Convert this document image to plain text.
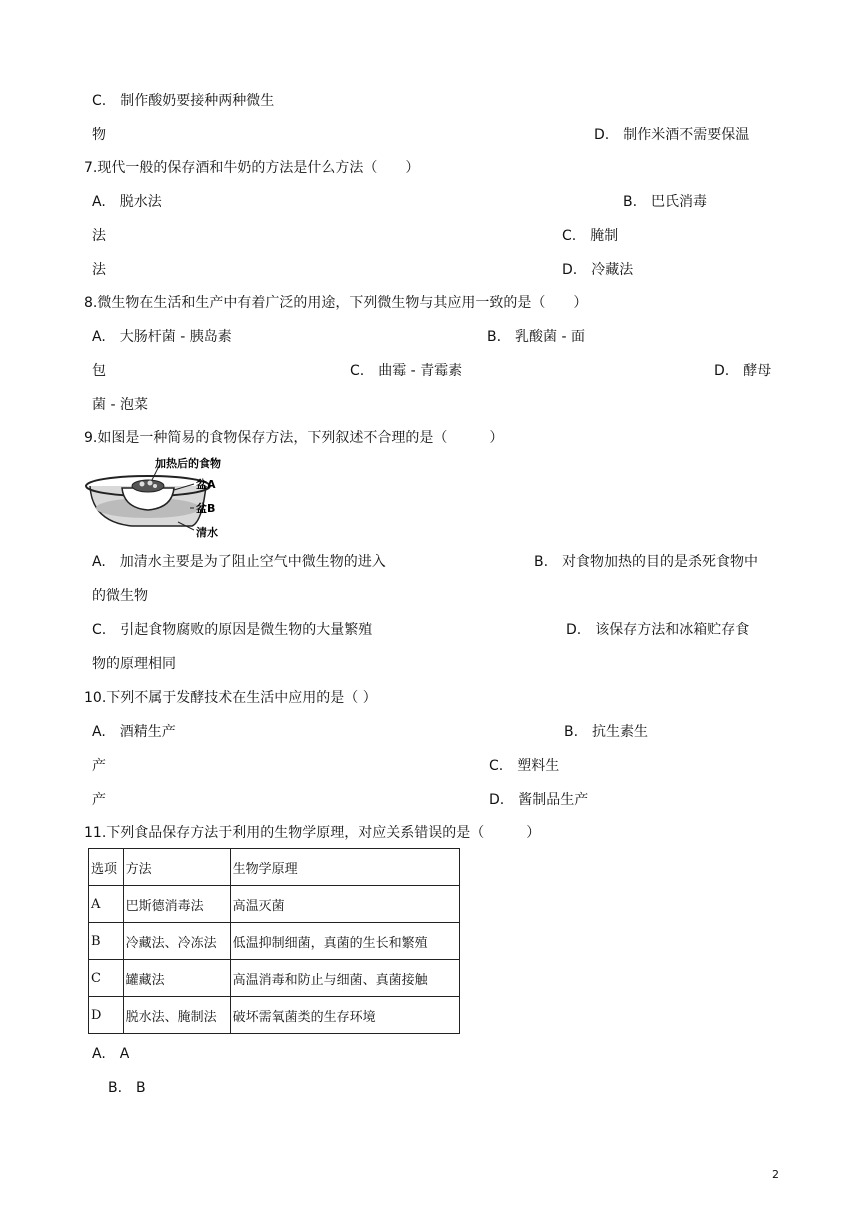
C.　制作酸奶要接种两种微生
物	D.　制作米酒不需要保温
7.现代一般的保存酒和牛奶的方法是什么方法（　　）
A.　脱水法	B.　巴氏消毒
法	C.　腌制
法	D.　冷藏法
8.微生物在生活和生产中有着广泛的用途，下列微生物与其应用一致的是（　　）
A.　大肠杆菌 - 胰岛素	B.　乳酸菌 - 面
包	C.　曲霉 - 青霉素	D.　酵母
菌 - 泡菜
9.如图是一种简易的食物保存方法，下列叙述不合理的是（　　　）
加热后的食物
盆A
盆B
清水
A.　加清水主要是为了阻止空气中微生物的进入	B.　对食物加热的目的是杀死食物中
的微生物
C.　引起食物腐败的原因是微生物的大量繁殖	D.　该保存方法和冰箱贮存食
物的原理相同
10.下列不属于发酵技术在生活中应用的是（ ）
A.　酒精生产	B.　抗生素生
产	C.　塑料生
产	D.　酱制品生产
11.下列食品保存方法于利用的生物学原理，对应关系错误的是（　　　）
选项	方法	生物学原理
A	巴斯德消毒法	高温灭菌
B	冷藏法、冷冻法	低温抑制细菌，真菌的生长和繁殖
C	罐藏法	高温消毒和防止与细菌、真菌接触
D	脱水法、腌制法	破坏需氧菌类的生存环境
A.　A
B.　B
2
